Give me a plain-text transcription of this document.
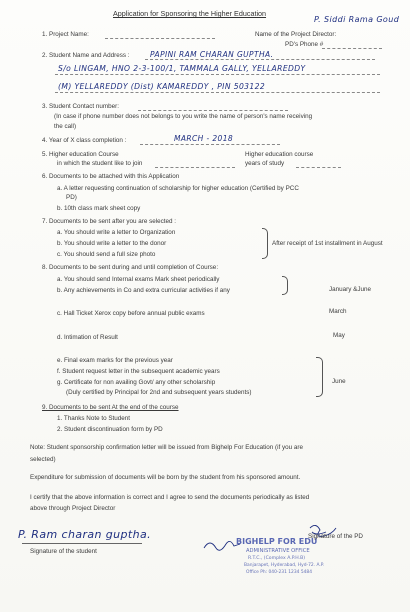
Application for Sponsoring the Higher Education
1. Project Name:	Name of the Project Director:
P. Siddi Rama Goud
PD's Phone #
2. Student Name and Address :	PAPINI RAM CHARAN GUPTHA.
S/o LINGAM, HNO 2-3-100/1, TAMMALA GALLY, YELLAREDDY
(M) YELLAREDDY (Dist) KAMAREDDY , PIN 503122
3. Student Contact number:
(In case if phone number does not belongs to you write the name of person's name receiving
the call)
4. Year of X class completion :	MARCH - 2018
5. Higher education Course
in which the student like to join
Higher education course
years of study
6. Documents to be attached with this Application
a. A letter requesting continuation of scholarship for higher education (Certified by PCC
PD)
b. 10th class mark sheet copy
7. Documents to be sent after you are selected :
a. You should write a letter to Organization
b. You should write a letter to the donor
c. You should send a full size photo
After receipt of 1st installment in August
8. Documents to be sent during and until completion of Course:
a. You should send Internal exams Mark sheet periodically
b. Any achievements in Co and extra curricular activities if any	January &June
c. Hall Ticket Xerox copy before annual public exams	March
d. Intimation of Result	May
e. Final exam marks for the previous year
f. Student request letter in the subsequent academic years
g. Certificate for non availing Govt/ any other scholarship
(Duly certified by Principal for 2nd and subsequent years students)
June
9. Documents to be sent At the end of the course
1. Thanks Note to Student
2. Student discontinuation form by PD
Note: Student sponsorship confirmation letter will be issued from Bighelp For Education (if you are
selected)
Expenditure for submission of documents will be born by the student from his sponsored amount.
I certify that the above information is correct and I agree to send the documents periodically as listed
above through Project Director
P. Ram charan guptha.
Signature of the student
BIGHELP FOR EDU
ADMINISTRATIVE OFFICE
R.T.C., (Complex A.P.H.B)
Banjarapet, Hyderabad, Hyd-72. A.P.
Office Ph: 040-231 1234 5484
Signature of the PD
